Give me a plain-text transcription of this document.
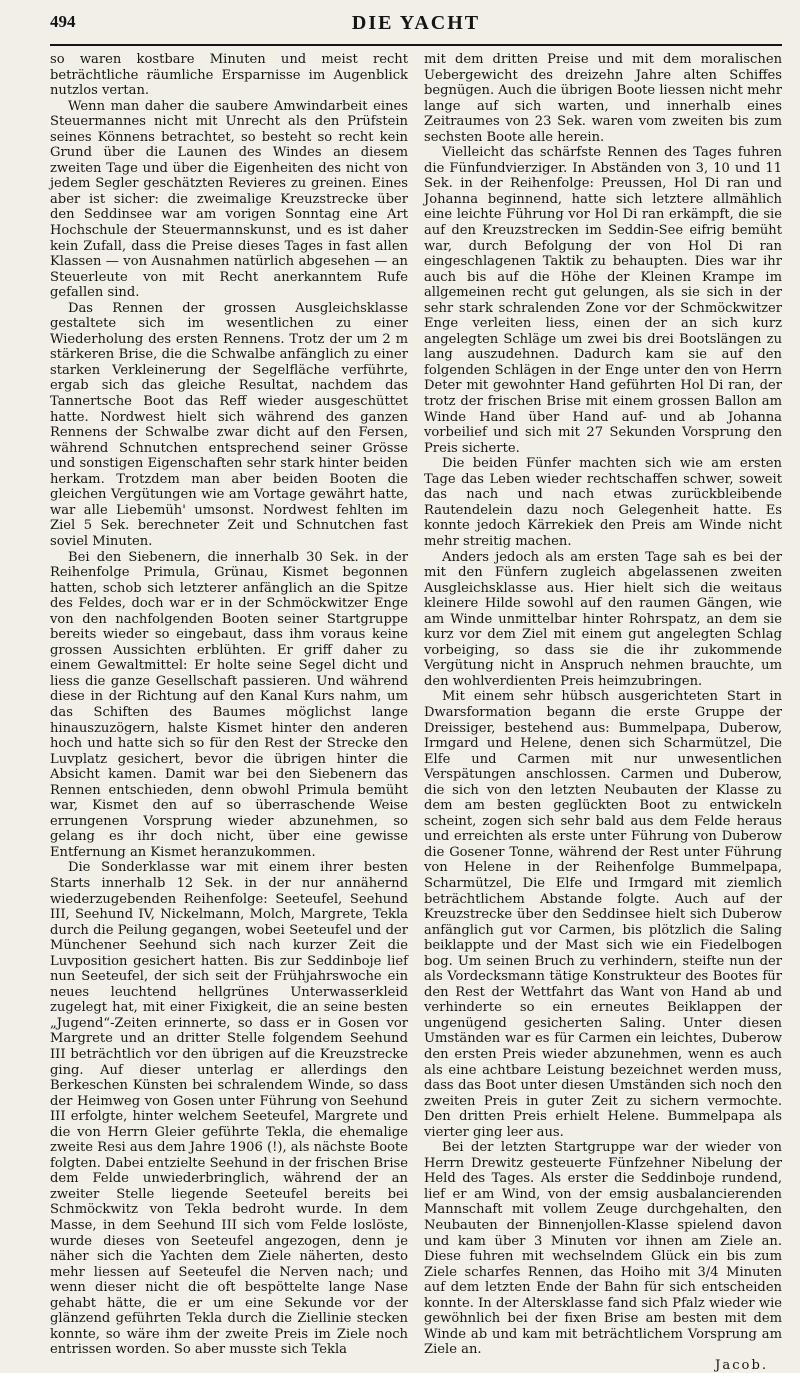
494	DIE YACHT

so waren kostbare Minuten und meist recht beträchtliche räumliche Ersparnisse im Augenblick nutzlos vertan.

Wenn man daher die saubere Amwindarbeit eines Steuermannes nicht mit Unrecht als den Prüfstein seines Könnens betrachtet, so besteht so recht kein Grund über die Launen des Windes an diesem zweiten Tage und über die Eigenheiten des nicht von jedem Segler geschätzten Revieres zu greinen. Eines aber ist sicher: die zweimalige Kreuzstrecke über den Seddinsee war am vorigen Sonntag eine Art Hochschule der Steuermannskunst, und es ist daher kein Zufall, dass die Preise dieses Tages in fast allen Klassen — von Ausnahmen natürlich abgesehen — an Steuerleute von mit Recht anerkanntem Rufe gefallen sind.

Das Rennen der grossen Ausgleichsklasse gestaltete sich im wesentlichen zu einer Wiederholung des ersten Rennens. Trotz der um 2 m stärkeren Brise, die die Schwalbe anfänglich zu einer starken Verkleinerung der Segelfläche verführte, ergab sich das gleiche Resultat, nachdem das Tannertsche Boot das Reff wieder ausgeschüttet hatte. Nordwest hielt sich während des ganzen Rennens der Schwalbe zwar dicht auf den Fersen, während Schnutchen entsprechend seiner Grösse und sonstigen Eigenschaften sehr stark hinter beiden herkam. Trotzdem man aber beiden Booten die gleichen Vergütungen wie am Vortage gewährt hatte, war alle Liebemüh' umsonst. Nordwest fehlten im Ziel 5 Sek. berechneter Zeit und Schnutchen fast soviel Minuten.

Bei den Siebenern, die innerhalb 30 Sek. in der Reihenfolge Primula, Grünau, Kismet begonnen hatten, schob sich letzterer anfänglich an die Spitze des Feldes, doch war er in der Schmöckwitzer Enge von den nachfolgenden Booten seiner Startgruppe bereits wieder so eingebaut, dass ihm voraus keine grossen Aussichten erblühten. Er griff daher zu einem Gewaltmittel: Er holte seine Segel dicht und liess die ganze Gesellschaft passieren. Und während diese in der Richtung auf den Kanal Kurs nahm, um das Schiften des Baumes möglichst lange hinauszuzögern, halste Kismet hinter den anderen hoch und hatte sich so für den Rest der Strecke den Luvplatz gesichert, bevor die übrigen hinter die Absicht kamen. Damit war bei den Siebenern das Rennen entschieden, denn obwohl Primula bemüht war, Kismet den auf so überraschende Weise errungenen Vorsprung wieder abzunehmen, so gelang es ihr doch nicht, über eine gewisse Entfernung an Kismet heranzukommen.

Die Sonderklasse war mit einem ihrer besten Starts innerhalb 12 Sek. in der nur annähernd wiederzugebenden Reihenfolge: Seeteufel, Seehund III, Seehund IV, Nickelmann, Molch, Margrete, Tekla durch die Peilung gegangen, wobei Seeteufel und der Münchener Seehund sich nach kurzer Zeit die Luvposition gesichert hatten. Bis zur Seddinboje lief nun Seeteufel, der sich seit der Frühjahrswoche ein neues leuchtend hellgrünes Unterwasserkleid zugelegt hat, mit einer Fixigkeit, die an seine besten „Jugend“-Zeiten erinnerte, so dass er in Gosen vor Margrete und an dritter Stelle folgendem Seehund III beträchtlich vor den übrigen auf die Kreuzstrecke ging. Auf dieser unterlag er allerdings den Berkeschen Künsten bei schralendem Winde, so dass der Heimweg von Gosen unter Führung von Seehund III erfolgte, hinter welchem Seeteufel, Margrete und die von Herrn Gleier geführte Tekla, die ehemalige zweite Resi aus dem Jahre 1906 (!), als nächste Boote folgten. Dabei entzielte Seehund in der frischen Brise dem Felde unwiederbringlich, während der an zweiter Stelle liegende Seeteufel bereits bei Schmöckwitz von Tekla bedroht wurde. In dem Masse, in dem Seehund III sich vom Felde loslöste, wurde dieses von Seeteufel angezogen, denn je näher sich die Yachten dem Ziele näherten, desto mehr liessen auf Seeteufel die Nerven nach; und wenn dieser nicht die oft bespöttelte lange Nase gehabt hätte, die er um eine Sekunde vor der glänzend geführten Tekla durch die Ziellinie stecken konnte, so wäre ihm der zweite Preis im Ziele noch entrissen worden. So aber musste sich Tekla

mit dem dritten Preise und mit dem moralischen Uebergewicht des dreizehn Jahre alten Schiffes begnügen. Auch die übrigen Boote liessen nicht mehr lange auf sich warten, und innerhalb eines Zeitraumes von 23 Sek. waren vom zweiten bis zum sechsten Boote alle herein.

Vielleicht das schärfste Rennen des Tages fuhren die Fünfundvierziger. In Abständen von 3, 10 und 11 Sek. in der Reihenfolge: Preussen, Hol Di ran und Johanna beginnend, hatte sich letztere allmählich eine leichte Führung vor Hol Di ran erkämpft, die sie auf den Kreuzstrecken im Seddin-See eifrig bemüht war, durch Befolgung der von Hol Di ran eingeschlagenen Taktik zu behaupten. Dies war ihr auch bis auf die Höhe der Kleinen Krampe im allgemeinen recht gut gelungen, als sie sich in der sehr stark schralenden Zone vor der Schmöckwitzer Enge verleiten liess, einen der an sich kurz angelegten Schläge um zwei bis drei Bootslängen zu lang auszudehnen. Dadurch kam sie auf den folgenden Schlägen in der Enge unter den von Herrn Deter mit gewohnter Hand geführten Hol Di ran, der trotz der frischen Brise mit einem grossen Ballon am Winde Hand über Hand auf- und ab Johanna vorbeilief und sich mit 27 Sekunden Vorsprung den Preis sicherte.

Die beiden Fünfer machten sich wie am ersten Tage das Leben wieder rechtschaffen schwer, soweit das nach und nach etwas zurückbleibende Rautendelein dazu noch Gelegenheit hatte. Es konnte jedoch Kärrekiek den Preis am Winde nicht mehr streitig machen.

Anders jedoch als am ersten Tage sah es bei der mit den Fünfern zugleich abgelassenen zweiten Ausgleichsklasse aus. Hier hielt sich die weitaus kleinere Hilde sowohl auf den raumen Gängen, wie am Winde unmittelbar hinter Rohrspatz, an dem sie kurz vor dem Ziel mit einem gut angelegten Schlag vorbeiging, so dass sie die ihr zukommende Vergütung nicht in Anspruch nehmen brauchte, um den wohlverdienten Preis heimzubringen.

Mit einem sehr hübsch ausgerichteten Start in Dwarsformation begann die erste Gruppe der Dreissiger, bestehend aus: Bummelpapa, Duberow, Irmgard und Helene, denen sich Scharmützel, Die Elfe und Carmen mit nur unwesentlichen Verspätungen anschlossen. Carmen und Duberow, die sich von den letzten Neubauten der Klasse zu dem am besten geglückten Boot zu entwickeln scheint, zogen sich sehr bald aus dem Felde heraus und erreichten als erste unter Führung von Duberow die Gosener Tonne, während der Rest unter Führung von Helene in der Reihenfolge Bummelpapa, Scharmützel, Die Elfe und Irmgard mit ziemlich beträchtlichem Abstande folgte. Auch auf der Kreuzstrecke über den Seddinsee hielt sich Duberow anfänglich gut vor Carmen, bis plötzlich die Saling beiklappte und der Mast sich wie ein Fiedelbogen bog. Um seinen Bruch zu verhindern, steifte nun der als Vordecksmann tätige Konstrukteur des Bootes für den Rest der Wettfahrt das Want von Hand ab und verhinderte so ein erneutes Beiklappen der ungenügend gesicherten Saling. Unter diesen Umständen war es für Carmen ein leichtes, Duberow den ersten Preis wieder abzunehmen, wenn es auch als eine achtbare Leistung bezeichnet werden muss, dass das Boot unter diesen Umständen sich noch den zweiten Preis in guter Zeit zu sichern vermochte. Den dritten Preis erhielt Helene. Bummelpapa als vierter ging leer aus.

Bei der letzten Startgruppe war der wieder von Herrn Drewitz gesteuerte Fünfzehner Nibelung der Held des Tages. Als erster die Seddinboje rundend, lief er am Wind, von der emsig ausbalancierenden Mannschaft mit vollem Zeuge durchgehalten, den Neubauten der Binnenjollen-Klasse spielend davon und kam über 3 Minuten vor ihnen am Ziele an. Diese fuhren mit wechselndem Glück ein bis zum Ziele scharfes Rennen, das Hoiho mit 3/4 Minuten auf dem letzten Ende der Bahn für sich entscheiden konnte. In der Altersklasse fand sich Pfalz wieder wie gewöhnlich bei der fixen Brise am besten mit dem Winde ab und kam mit beträchtlichem Vorsprung am Ziele an.

Jacob.
